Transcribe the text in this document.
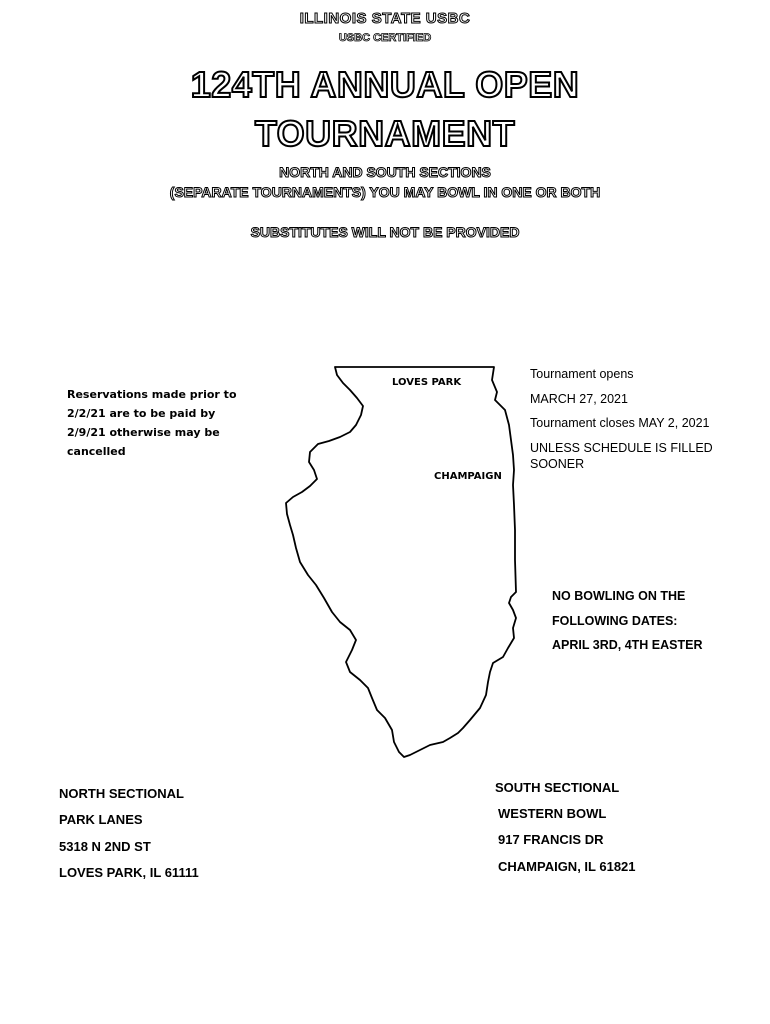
ILLINOIS STATE USBC
USBC CERTIFIED
124TH ANNUAL OPEN
TOURNAMENT
NORTH AND SOUTH SECTIONS
(SEPARATE TOURNAMENTS) YOU MAY BOWL IN ONE OR BOTH
SUBSTITUTES WILL NOT BE PROVIDED
LOVES PARK
CHAMPAIGN
Reservations made prior to
2/2/21 are to be paid by
2/9/21 otherwise may be
cancelled
Tournament opens
MARCH 27, 2021
Tournament closes MAY 2, 2021
UNLESS SCHEDULE IS FILLED
SOONER
NO BOWLING ON THE
FOLLOWING DATES:
APRIL 3RD, 4TH EASTER
NORTH SECTIONAL
PARK LANES
5318 N 2ND ST
LOVES PARK, IL 61111
SOUTH SECTIONAL
WESTERN BOWL
917 FRANCIS DR
CHAMPAIGN, IL 61821
